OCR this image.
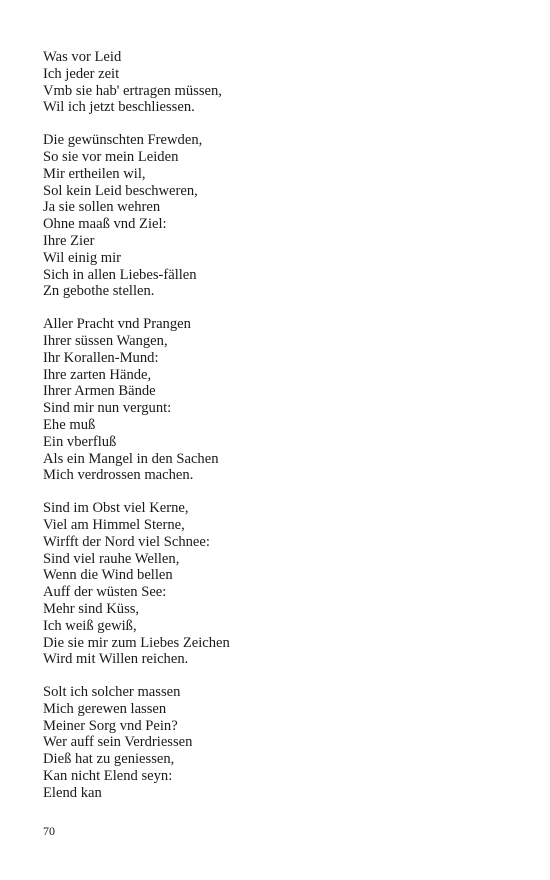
Was vor Leid
Ich jeder zeit
Vmb sie hab' ertragen müssen,
Wil ich jetzt beschliessen.
Die gewünschten Frewden,
So sie vor mein Leiden
Mir ertheilen wil,
Sol kein Leid beschweren,
Ja sie sollen wehren
Ohne maaß vnd Ziel:
Ihre Zier
Wil einig mir
Sich in allen Liebes-fällen
Zn gebothe stellen.
Aller Pracht vnd Prangen
Ihrer süssen Wangen,
Ihr Korallen-Mund:
Ihre zarten Hände,
Ihrer Armen Bände
Sind mir nun vergunt:
Ehe muß
Ein vberfluß
Als ein Mangel in den Sachen
Mich verdrossen machen.
Sind im Obst viel Kerne,
Viel am Himmel Sterne,
Wirfft der Nord viel Schnee:
Sind viel rauhe Wellen,
Wenn die Wind bellen
Auff der wüsten See:
Mehr sind Küss,
Ich weiß gewiß,
Die sie mir zum Liebes Zeichen
Wird mit Willen reichen.
Solt ich solcher massen
Mich gerewen lassen
Meiner Sorg vnd Pein?
Wer auff sein Verdriessen
Dieß hat zu geniessen,
Kan nicht Elend seyn:
Elend kan
70
